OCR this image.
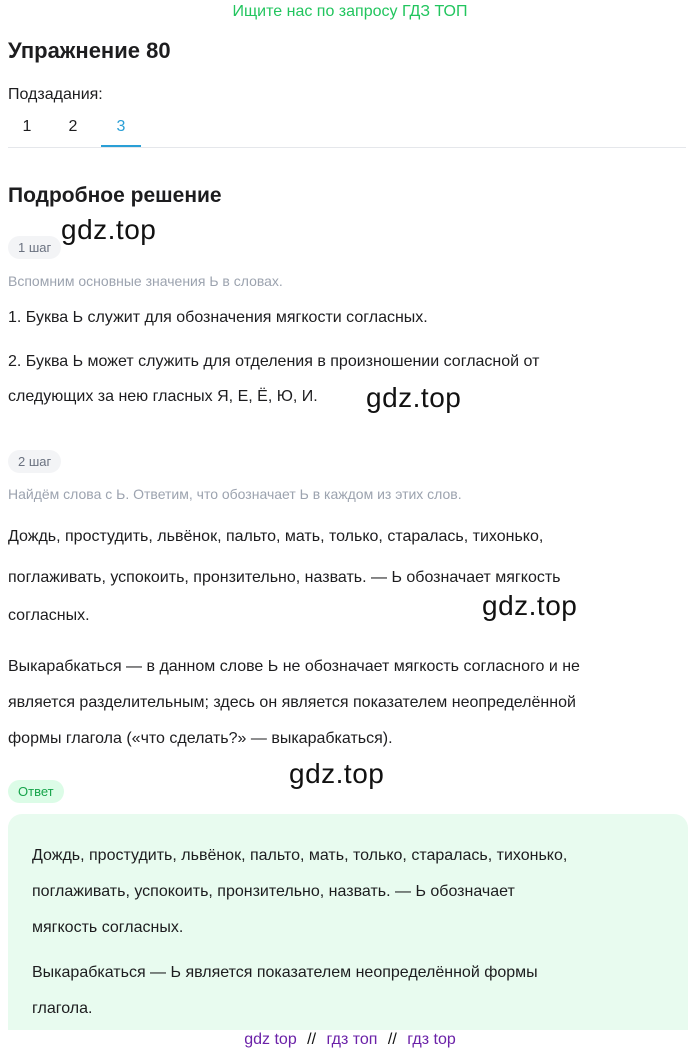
Ищите нас по запросу ГДЗ ТОП
Упражнение 80
Подзадания:
1	2	3
Подробное решение
1 шаг
gdz.top
Вспомним основные значения Ь в словах.
1. Буква Ь служит для обозначения мягкости согласных.
2. Буква Ь может служить для отделения в произношении согласной от
следующих за нею гласных Я, Е, Ё, Ю, И.	gdz.top
2 шаг
Найдём слова с Ь. Ответим, что обозначает Ь в каждом из этих слов.
Дождь, простудить, львёнок, пальто, мать, только, старалась, тихонько,
поглаживать, успокоить, пронзительно, назвать. — Ь обозначает мягкость
согласных.	gdz.top
Выкарабкаться — в данном слове Ь не обозначает мягкость согласного и не
является разделительным; здесь он является показателем неопределённой
формы глагола («что сделать?» — выкарабкаться).
gdz.top
Ответ
Дождь, простудить, львёнок, пальто, мать, только, старалась, тихонько,
поглаживать, успокоить, пронзительно, назвать. — Ь обозначает
мягкость согласных.
Выкарабкаться — Ь является показателем неопределённой формы
глагола.
gdz top // гдз топ // гдз top
